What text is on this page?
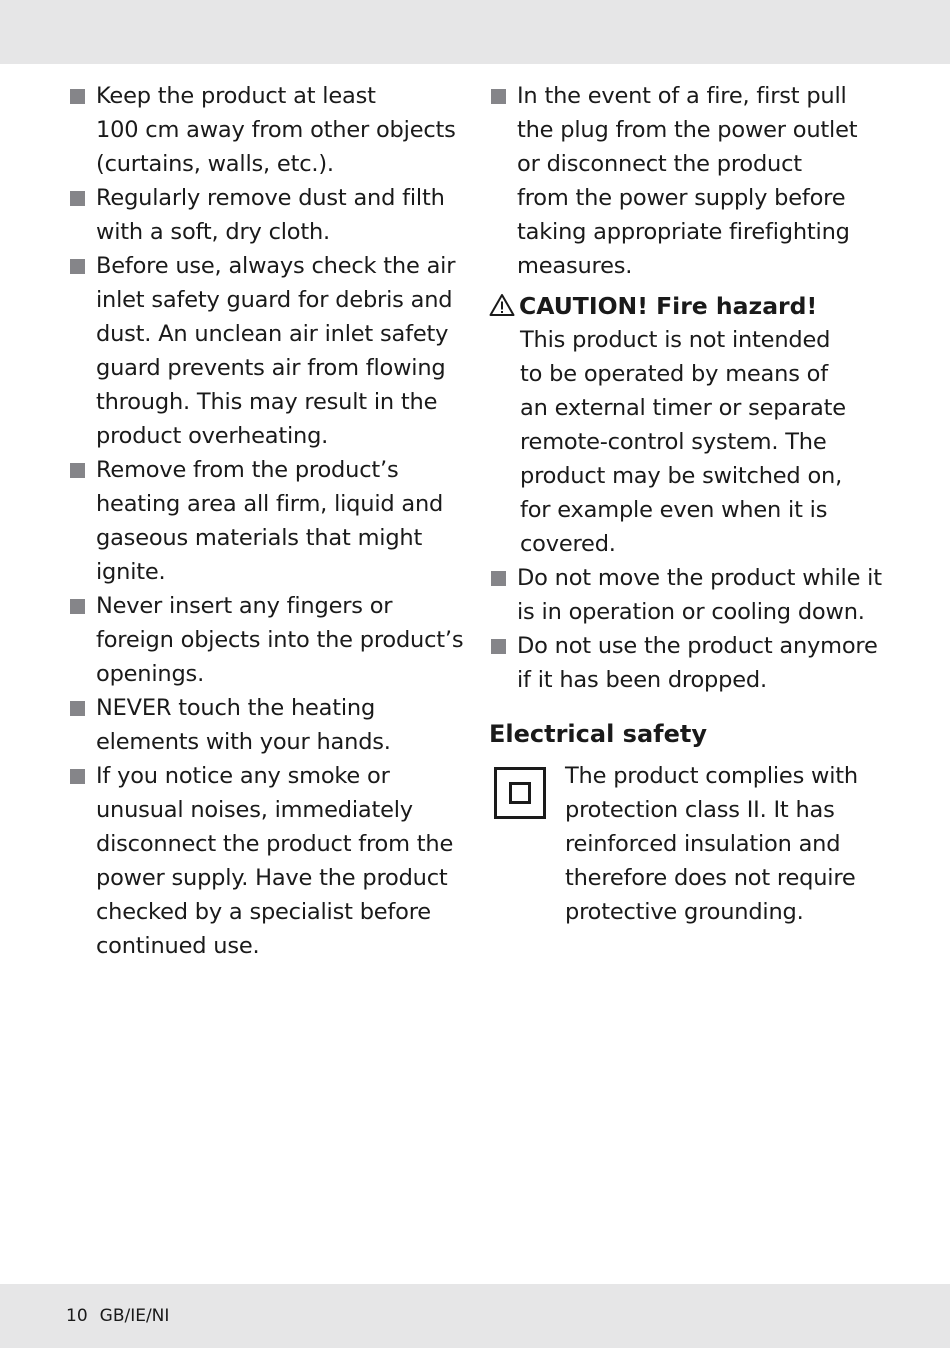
Keep the product at least
100 cm away from other objects
(curtains, walls, etc.).
Regularly remove dust and filth
with a soft, dry cloth.
Before use, always check the air
inlet safety guard for debris and
dust. An unclean air inlet safety
guard prevents air from flowing
through. This may result in the
product overheating.
Remove from the product’s
heating area all firm, liquid and
gaseous materials that might
ignite.
Never insert any fingers or
foreign objects into the product’s
openings.
NEVER touch the heating
elements with your hands.
If you notice any smoke or
unusual noises, immediately
disconnect the product from the
power supply. Have the product
checked by a specialist before
continued use.
In the event of a fire, first pull
the plug from the power outlet
or disconnect the product
from the power supply before
taking appropriate firefighting
measures.
CAUTION! Fire hazard!
This product is not intended
to be operated by means of
an external timer or separate
remote-control system. The
product may be switched on,
for example even when it is
covered.
Do not move the product while it
is in operation or cooling down.
Do not use the product anymore
if it has been dropped.
Electrical safety
The product complies with
protection class II. It has
reinforced insulation and
therefore does not require
protective grounding.
10 GB/IE/NI
